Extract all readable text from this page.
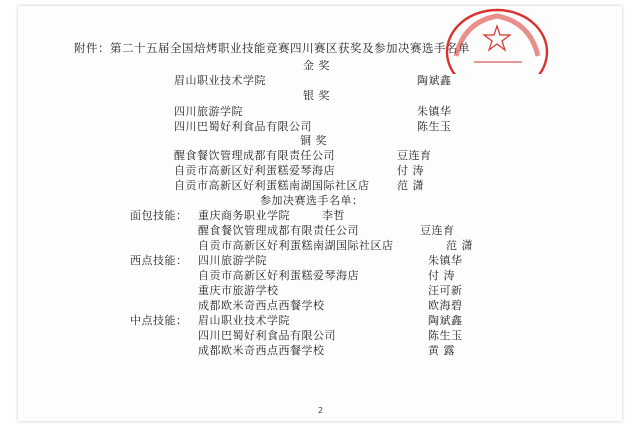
附件：第二十五届全国焙烤职业技能竞赛四川赛区获奖及参加决赛选手名单
金 奖
眉山职业技术学院	陶斌鑫
银 奖
四川旅游学院	朱镇华
四川巴蜀好利食品有限公司	陈生玉
铜 奖
醒食餐饮管理成都有限责任公司	豆连育
自贡市高新区好利蛋糕爱琴海店	付 涛
自贡市高新区好利蛋糕南湖国际社区店	范 潇
参加决赛选手名单：
面包技能： 重庆商务职业学院	李哲
醒食餐饮管理成都有限责任公司	豆连育
自贡市高新区好利蛋糕南湖国际社区店	范 潇
西点技能： 四川旅游学院	朱镇华
自贡市高新区好利蛋糕爱琴海店	付 涛
重庆市旅游学校	汪可新
成都欧米奇西点西餐学校	欧海碧
中点技能： 眉山职业技术学院	陶斌鑫
四川巴蜀好利食品有限公司	陈生玉
成都欧米奇西点西餐学校	黄 露
2
